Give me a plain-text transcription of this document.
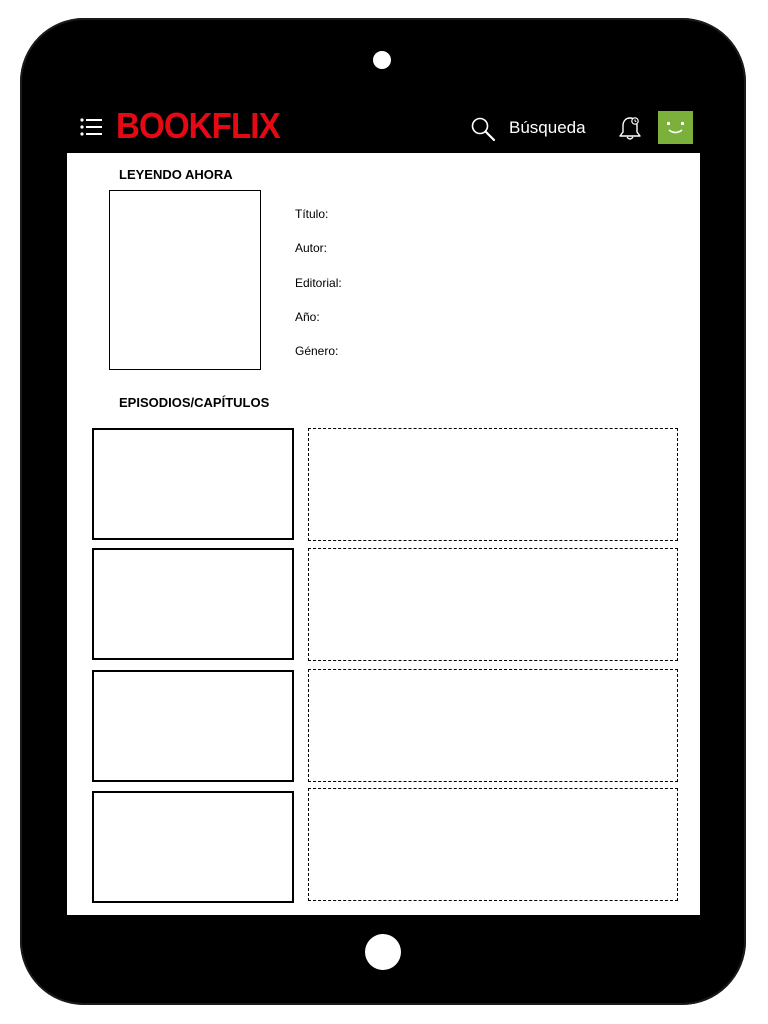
BOOKFLIX	Búsqueda
LEYENDO AHORA
Título:
Autor:
Editorial:
Año:
Género:
EPISODIOS/CAPÍTULOS
